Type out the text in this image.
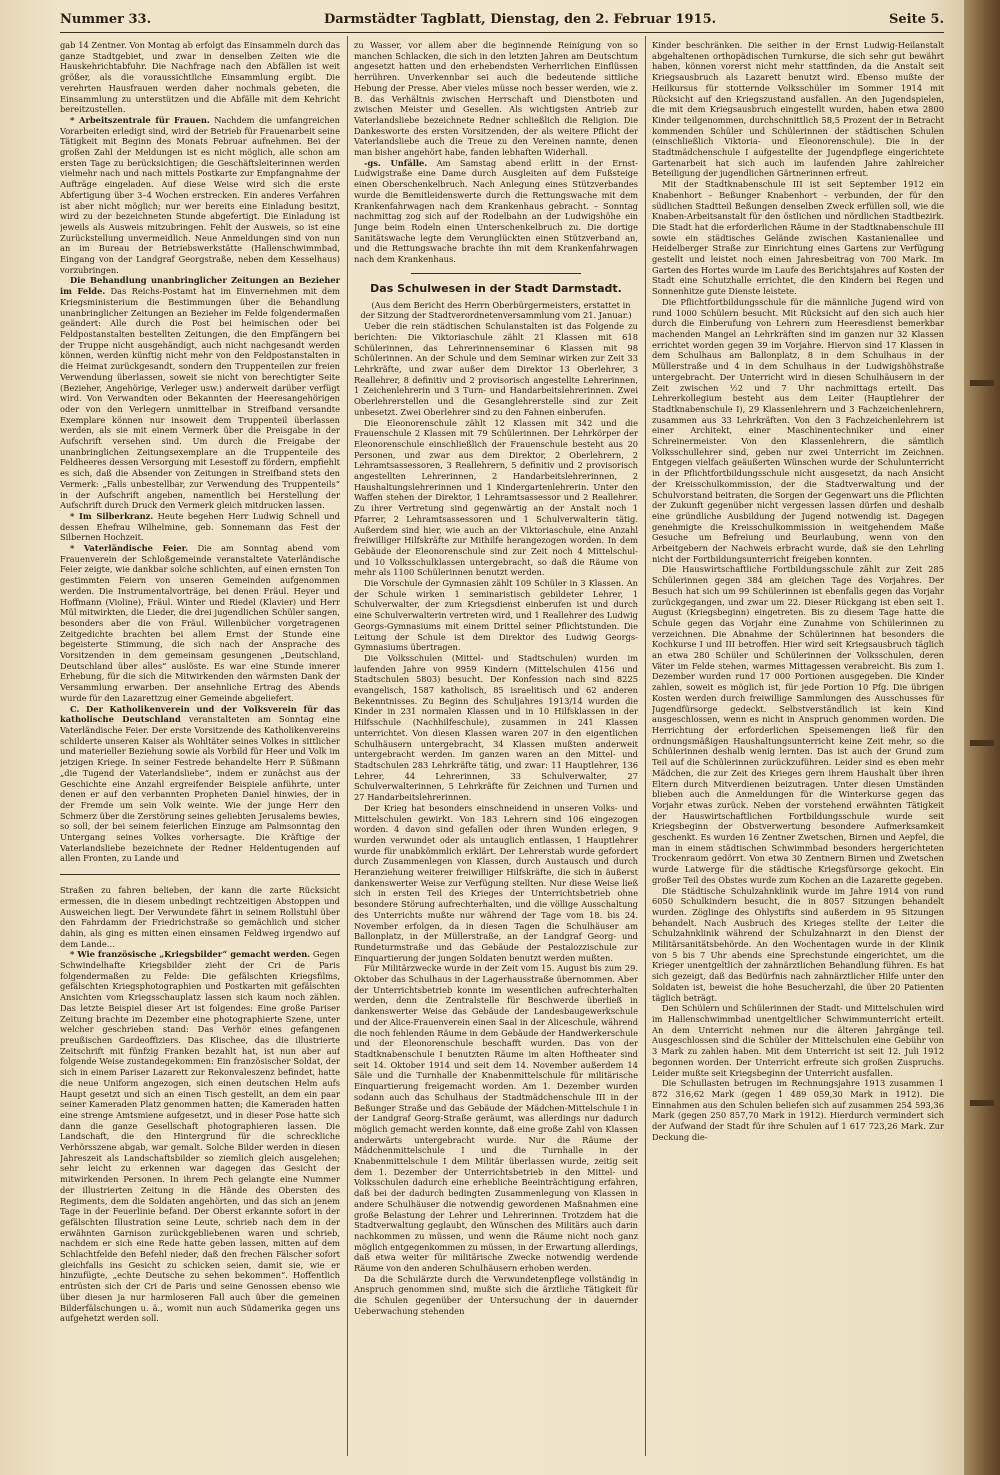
Nummer 33.	Darmstädter Tagblatt, Dienstag, den 2. Februar 1915.	Seite 5.

gab 14 Zentner. Von Montag ab erfolgt das Einsammeln durch das ganze Stadtgebiet, und zwar in denselben Zeiten wie die Hauskehrichtabfuhr. Die Nachfrage nach den Abfällen ist weit größer, als die voraussichtliche Einsammlung ergibt. Die verehrten Hausfrauen werden daher nochmals gebeten, die Einsammlung zu unterstützen und die Abfälle mit dem Kehricht bereitzustellen.

* Arbeitszentrale für Frauen. Nachdem die umfangreichen Vorarbeiten erledigt sind, wird der Betrieb für Frauenarbeit seine Tätigkeit mit Beginn des Monats Februar aufnehmen. Bei der großen Zahl der Meldungen ist es nicht möglich, alle schon am ersten Tage zu berücksichtigen; die Geschäftsleiterinnen werden vielmehr nach und nach mittels Postkarte zur Empfangnahme der Aufträge eingeladen. Auf diese Weise wird sich die erste Abfertigung über 3–4 Wochen erstrecken. Ein anderes Verfahren ist aber nicht möglich; nur wer bereits eine Einladung besitzt, wird zu der bezeichneten Stunde abgefertigt. Die Einladung ist jeweils als Ausweis mitzubringen. Fehlt der Ausweis, so ist eine Zurückstellung unvermeidlich. Neue Anmeldungen sind von nun an im Bureau der Betriebswerkstätte (Hallenschwimmbad, Eingang von der Landgraf Georgstraße, neben dem Kesselhaus) vorzubringen.

Die Behandlung unanbringlicher Zeitungen an Bezieher im Felde. Das Reichs-Postamt hat im Einvernehmen mit dem Kriegsministerium die Bestimmungen über die Behandlung unanbringlicher Zeitungen an Bezieher im Felde folgendermaßen geändert: Alle durch die Post bei heimischen oder bei Feldpostanstalten bestellten Zeitungen, die den Empfängern bei der Truppe nicht ausgehändigt, auch nicht nachgesandt werden können, werden künftig nicht mehr von den Feldpostanstalten in die Heimat zurückgesandt, sondern den Truppenteilen zur freien Verwendung überlassen, soweit sie nicht von berechtigter Seite (Bezieher, Angehörige, Verleger usw.) anderweit darüber verfügt wird. Von Verwandten oder Bekannten der Heeresangehörigen oder von den Verlegern unmittelbar in Streifband versandte Exemplare können nur insoweit dem Truppenteil überlassen werden, als sie mit einem Vermerk über die Preisgabe in der Aufschrift versehen sind. Um durch die Freigabe der unanbringlichen Zeitungsexemplare an die Truppenteile des Feldheeres dessen Versorgung mit Lesestoff zu fördern, empfiehlt es sich, daß die Absender von Zeitungen in Streifband stets den Vermerk: „Falls unbestellbar, zur Verwendung des Truppenteils“ in der Aufschrift angeben, namentlich bei Herstellung der Aufschrift durch Druck den Vermerk gleich mitdrucken lassen.

* Im Silberkranz. Heute begehen Herr Ludwig Schnell und dessen Ehefrau Wilhelmine, geb. Sonnemann das Fest der Silbernen Hochzeit.

* Vaterländische Feier. Die am Sonntag abend vom Frauenverein der Schloßgemeinde veranstaltete Vaterländische Feier zeigte, wie dankbar solche schlichten, auf einen ernsten Ton gestimmten Feiern von unseren Gemeinden aufgenommen werden. Die Instrumentalvorträge, bei denen Fräul. Heyer und Hoffmann (Violine), Fräul. Winter und Riedel (Klavier) und Herr Mül mitwirkten, die Lieder, die drei jugendlichen Schüler sangen, besonders aber die von Fräul. Willenbücher vorgetragenen Zeitgedichte brachten bei allem Ernst der Stunde eine begeisterte Stimmung, die sich nach der Ansprache des Vorsitzenden in dem gemeinsam gesungenen „Deutschland, Deutschland über alles“ auslöste. Es war eine Stunde innerer Erhebung, für die sich die Mitwirkenden den wärmsten Dank der Versammlung erwarben. Der ansehnliche Ertrag des Abends wurde für den Lazarettzug einer Gemeinde abgeliefert.

C. Der Katholikenverein und der Volksverein für das katholische Deutschland veranstalteten am Sonntag eine Vaterländische Feier. Der erste Vorsitzende des Katholikenvereins schilderte unseren Kaiser als Wohltäter seines Volkes in sittlicher und materieller Beziehung sowie als Vorbild für Heer und Volk im jetzigen Kriege. In seiner Festrede behandelte Herr P. Süßmann „die Tugend der Vaterlandsliebe“, indem er zunächst aus der Geschichte eine Anzahl ergreifender Beispiele anführte, unter denen er auf den verbannten Propheten Daniel hinwies, der in der Fremde um sein Volk weinte. Wie der junge Herr den Schmerz über die Zerstörung seines geliebten Jerusalems bewies, so soll, der bei seinem feierlichen Einzuge am Palmsonntag den Untergang seines Volkes vorhersagte. Die Kräftige der Vaterlandsliebe bezeichnete der Redner Heldentugenden auf allen Fronten, zu Lande und

Straßen zu fahren belieben, der kann die zarte Rücksicht ermessen, die in diesem unbedingt rechtzeitigen Abstoppen und Ausweichen liegt. Der Verwundete fährt in seinem Rollstuhl über den Fahrdamm der Friedrichstraße so gemächlich und sicher dahin, als ging es mitten einen einsamen Feldweg irgendwo auf dem Lande…

* Wie französische „Kriegsbilder“ gemacht werden. Gegen Schwindelhafte Kriegsbilder zieht der Cri de Paris folgendermaßen zu Felde: Die gefälschten Kriegsfilms, gefälschten Kriegsphotographien und Postkarten mit gefälschten Ansichten vom Kriegsschauplatz lassen sich kaum noch zählen. Das letzte Beispiel dieser Art ist folgendes: Eine große Pariser Zeitung brachte im Dezember eine photographierte Szene, unter welcher geschrieben stand: Das Verhör eines gefangenen preußischen Gardeoffiziers. Das Klischee, das die illustrierte Zeitschrift mit fünfzig Franken bezahlt hat, ist nun aber auf folgende Weise zustandegekommen: Ein französischer Soldat, der sich in einem Pariser Lazarett zur Rekonvaleszenz befindet, hatte die neue Uniform angezogen, sich einen deutschen Helm aufs Haupt gesetzt und sich an einen Tisch gestellt, an dem ein paar seiner Kameraden Platz genommen hatten; die Kameraden hatten eine strenge Amtsmiene aufgesetzt, und in dieser Pose hatte sich dann die ganze Gesellschaft photographieren lassen. Die Landschaft, die den Hintergrund für die schreckliche Verhörsszene abgab, war gemalt. Solche Bilder werden in diesen Jahreszeit als Landschaftsbilder so ziemlich gleich ausgelehen; sehr leicht zu erkennen war dagegen das Gesicht der mitwirkenden Personen. In ihrem Pech gelangte eine Nummer der illustrierten Zeitung in die Hände des Obersten des Regiments, dem die Soldaten angehörten, und das sich an jenem Tage in der Feuerlinie befand. Der Oberst erkannte sofort in der gefälschten Illustration seine Leute, schrieb nach dem in der erwähnten Garnison zurückgebliebenen waren und schrieb, nachdem er sich eine Rede hatte geben lassen, mitten auf dem Schlachtfelde den Befehl nieder, daß den frechen Fälscher sofort gleichfalls ins Gesicht zu schicken seien, damit sie, wie er hinzufügte, „echte Deutsche zu sehen bekommen“. Hoffentlich entrüsten sich der Cri de Paris und seine Genossen ebenso wie über diesen ja nur harmloseren Fall auch über die gemeinen Bilderfälschungen u. ä., womit nun auch Südamerika gegen uns aufgehetzt werden soll.

zu Wasser, vor allem aber die beginnende Reinigung von so manchen Schlacken, die sich in den letzten Jahren am Deutschtum angesetzt hatten und den erhebendsten Verherrlichen Einflüssen herrühren. Unverkennbar sei auch die bedeutende sittliche Hebung der Presse. Aber vieles müsse noch besser werden, wie z. B. das Verhältnis zwischen Herrschaft und Dienstboten und zwischen Meister und Gesellen. Als wichtigsten Antrieb zur Vaterlandsliebe bezeichnete Redner schließlich die Religion. Die Dankesworte des ersten Vorsitzenden, der als weitere Pflicht der Vaterlandsliebe auch die Treue zu den Vereinen nannte, denen man bisher angehört habe, fanden lebhaften Widerhall.

-gs. Unfälle. Am Samstag abend erlitt in der Ernst-Ludwigstraße eine Dame durch Ausgleiten auf dem Fußsteige einen Oberschenkelbruch. Nach Anlegung eines Stützverbandes wurde die Bemitleidenswerte durch die Rettungswache mit dem Krankenfahrwagen nach dem Krankenhaus gebracht. – Sonntag nachmittag zog sich auf der Rodelbahn an der Ludwigshöhe ein Junge beim Rodeln einen Unterschenkelbruch zu. Die dortige Sanitätswache legte dem Verunglückten einen Stützverband an, und die Rettungswache brachte ihn mit dem Krankenfahrwagen nach dem Krankenhaus.

Das Schulwesen in der Stadt Darmstadt.

(Aus dem Bericht des Herrn Oberbürgermeisters, erstattet in der Sitzung der Stadtverordnetenversammlung vom 21. Januar.)

Ueber die rein städtischen Schulanstalten ist das Folgende zu berichten: Die Viktoriaschule zählt 21 Klassen mit 618 Schülerinnen, das Lehrerinnenseminar 6 Klassen mit 98 Schülerinnen. An der Schule und dem Seminar wirken zur Zeit 33 Lehrkräfte, und zwar außer dem Direktor 13 Oberlehrer, 3 Reallehrer, 8 definitiv und 2 provisorisch angestellte Lehrerinnen, 1 Zeichenlehrerin und 3 Turn- und Handarbeitslehrerinnen. Zwei Oberlehrerstellen und die Gesanglehrerstelle sind zur Zeit unbesetzt. Zwei Oberlehrer sind zu den Fahnen einberufen.

Die Eleonorenschule zählt 12 Klassen mit 342 und die Frauenschule 2 Klassen mit 79 Schülerinnen. Der Lehrkörper der Eleonorenschule einschließlich der Frauenschule besteht aus 20 Personen, und zwar aus dem Direktor, 2 Oberlehrern, 2 Lehramtsassessoren, 3 Reallehrern, 5 definitiv und 2 provisorisch angestellten Lehrerinnen, 2 Handarbeitslehrerinnen, 2 Haushaltungslehrerinnen und 1 Kindergartenlehrerin. Unter den Waffen stehen der Direktor, 1 Lehramtsassessor und 2 Reallehrer. Zu ihrer Vertretung sind gegenwärtig an der Anstalt noch 1 Pfarrer, 2 Lehramtsassessoren und 1 Schulverwalterin tätig. Außerdem sind hier, wie auch an der Viktoriaschule, eine Anzahl freiwilliger Hilfskräfte zur Mithilfe herangezogen worden. In dem Gebäude der Eleonorenschule sind zur Zeit noch 4 Mittelschul- und 10 Volksschulklassen untergebracht, so daß die Räume von mehr als 1100 Schülerinnen benutzt werden.

Die Vorschule der Gymnasien zählt 109 Schüler in 3 Klassen. An der Schule wirken 1 seminaristisch gebildeter Lehrer, 1 Schulverwalter, der zum Kriegsdienst einberufen ist und durch eine Schulverwalterin vertreten wird, und 1 Reallehrer des Ludwig Georgs-Gymnasiums mit einem Drittel seiner Pflichtstunden. Die Leitung der Schule ist dem Direktor des Ludwig Georgs-Gymnasiums übertragen.

Die Volksschulen (Mittel- und Stadtschulen) wurden im laufenden Jahre von 9959 Kindern (Mittelschulen 4156 und Stadtschulen 5803) besucht. Der Konfession nach sind 8225 evangelisch, 1587 katholisch, 85 israelitisch und 62 anderen Bekenntnisses. Zu Beginn des Schuljahres 1913/14 wurden die Kinder in 231 normalen Klassen und in 10 Hilfsklassen in der Hilfsschule (Nachhilfeschule), zusammen in 241 Klassen unterrichtet. Von diesen Klassen waren 207 in den eigentlichen Schulhäusern untergebracht, 34 Klassen mußten anderweit untergebracht werden. Im ganzen waren an den Mittel- und Stadtschulen 283 Lehrkräfte tätig, und zwar: 11 Hauptlehrer, 136 Lehrer, 44 Lehrerinnen, 33 Schulverwalter, 27 Schulverwalterinnen, 5 Lehrkräfte für Zeichnen und Turnen und 27 Handarbeitslehrerinnen.

Der Krieg hat besonders einschneidend in unseren Volks- und Mittelschulen gewirkt. Von 183 Lehrern sind 106 eingezogen worden. 4 davon sind gefallen oder ihren Wunden erlegen, 9 wurden verwundet oder als untauglich entlassen, 1 Hauptlehrer wurde für unabkömmlich erklärt. Der Lehrerstab wurde gefordert durch Zusammenlegen von Klassen, durch Austausch und durch Heranziehung weiterer freiwilliger Hilfskräfte, die sich in äußerst dankenswerter Weise zur Verfügung stellten. Nur diese Weise ließ sich in ersten Teil des Krieges der Unterrichtsbetrieb ohne besondere Störung aufrechterhalten, und die völlige Ausschaltung des Unterrichts mußte nur während der Tage vom 18. bis 24. November erfolgen, da in diesen Tagen die Schulhäuser am Ballonplatz, in der Müllerstraße, an der Landgraf Georg- und Rundeturmstraße und das Gebäude der Pestalozzischule zur Einquartierung der jungen Soldaten benutzt werden mußten.

Für Militärzwecke wurde in der Zeit vom 15. August bis zum 29. Oktober das Schulhaus in der Lagerhausstraße übernommen. Aber der Unterrichtsbetrieb konnte im wesentlichen aufrechterhalten werden, denn die Zentralstelle für Beschwerde überließ in dankenswerter Weise das Gebäude der Landesbaugewerkschule und der Alice-Frauenverein einen Saal in der Aliceschule, während die noch fehlenden Räume in dem Gebäude der Handwerkerschule und der Eleonorenschule beschafft wurden. Das von der Stadtknabenschule I benutzten Räume im alten Hoftheater sind seit 14. Oktober 1914 und seit dem 14. November außerdem 14 Säle und die Turnhalle der Knabenmittelschule für militärische Einquartierung freigemacht worden. Am 1. Dezember wurden sodann auch das Schulhaus der Stadtmädchenschule III in der Beßunger Straße und das Gebäude der Mädchen-Mittelschule I in der Landgraf Georg-Straße geräumt, was allerdings nur dadurch möglich gemacht werden konnte, daß eine große Zahl von Klassen anderwärts untergebracht wurde. Nur die Räume der Mädchenmittelschule I und die Turnhalle in der Knabenmittelschule I dem Militär überlassen wurde, zeitig seit dem 1. Dezember der Unterrichtsbetrieb in den Mittel- und Volksschulen dadurch eine erhebliche Beeinträchtigung erfahren, daß bei der dadurch bedingten Zusammenlegung von Klassen in andere Schulhäuser die notwendig gewordenen Maßnahmen eine große Belastung der Lehrer und Lehrerinnen. Trotzdem hat die Stadtverwaltung geglaubt, den Wünschen des Militärs auch darin nachkommen zu müssen, und wenn die Räume nicht noch ganz möglich entgegenkommen zu müssen, in der Erwartung allerdings, daß etwa weiter für militärische Zwecke notwendig werdende Räume von den anderen Schulhäusern erhoben werden.

Da die Schulärzte durch die Verwundetenpflege vollständig in Anspruch genommen sind, mußte sich die ärztliche Tätigkeit für die Schulen gegenüber der Untersuchung der in dauernder Ueberwachung stehenden

Kinder beschränken. Die seither in der Ernst Ludwig-Heilanstalt abgehaltenen orthopädischen Turnkurse, die sich sehr gut bewährt haben, können vorerst nicht mehr stattfinden, da die Anstalt seit Kriegsausbruch als Lazarett benutzt wird. Ebenso mußte der Heilkursus für stotternde Volksschüler im Sommer 1914 mit Rücksicht auf den Kriegszustand ausfallen. An den Jugendspielen, die mit dem Kriegsausbruch eingestellt wurden, haben etwa 2800 Kinder teilgenommen, durchschnittlich 58,5 Prozent der in Betracht kommenden Schüler und Schülerinnen der städtischen Schulen (einschließlich Viktoria- und Eleonorenschule). Die in der Stadtmädchenschule I aufgestellte der Jugendpflege eingerichtete Gartenarbeit hat sich auch im laufenden Jahre zahlreicher Beteiligung der jugendlichen Gärtnerinnen erfreut.

Mit der Stadtknabenschule III ist seit September 1912 ein Knabenhort – Beßunger Knabenhort – verbunden, der für den südlichen Stadtteil Beßungen denselben Zweck erfüllen soll, wie die Knaben-Arbeitsanstalt für den östlichen und nördlichen Stadtbezirk. Die Stadt hat die erforderlichen Räume in der Stadtknabenschule III sowie ein städtisches Gelände zwischen Kastanienallee und Heidelberger Straße zur Einrichtung eines Gartens zur Verfügung gestellt und leistet noch einen Jahresbeitrag von 700 Mark. Im Garten des Hortes wurde im Laufe des Berichtsjahres auf Kosten der Stadt eine Schutzhalle errichtet, die den Kindern bei Regen und Sonnenhitze gute Dienste leistete.

Die Pflichtfortbildungsschule für die männliche Jugend wird von rund 1000 Schülern besucht. Mit Rücksicht auf den sich auch hier durch die Einberufung von Lehrern zum Heeresdienst bemerkbar machenden Mangel an Lehrkräften sind im ganzen nur 32 Klassen errichtet worden gegen 39 im Vorjahre. Hiervon sind 17 Klassen in dem Schulhaus am Ballonplatz, 8 in dem Schulhaus in der Müllerstraße und 4 in dem Schulhaus in der Ludwigshöhstraße untergebracht. Der Unterricht wird in diesen Schulhäusern in der Zeit zwischen ½2 und 7 Uhr nachmittags erteilt. Das Lehrerkollegium besteht aus dem Leiter (Hauptlehrer der Stadtknabenschule I), 29 Klassenlehrern und 3 Fachzeichenlehrern, zusammen aus 33 Lehrkräften. Von den 3 Fachzeichenlehrern ist einer Architekt, einer Maschinentechniker und einer Schreinermeister. Von den Klassenlehrern, die sämtlich Volksschullehrer sind, geben nur zwei Unterricht im Zeichnen. Entgegen vielfach geäußerten Wünschen wurde der Schulunterricht in der Pflichtfortbildungsschule nicht ausgesetzt, da nach Ansicht der Kreisschulkommission, der die Stadtverwaltung und der Schulvorstand beitraten, die Sorgen der Gegenwart uns die Pflichten der Zukunft gegenüber nicht vergessen lassen dürfen und deshalb eine gründliche Ausbildung der Jugend notwendig ist. Dagegen genehmigte die Kreisschulkommission in weitgehendem Maße Gesuche um Befreiung und Beurlaubung, wenn von den Arbeitgebern der Nachweis erbracht wurde, daß sie den Lehrling nicht der Fortbildungsunterricht freigeben konnten.

Die Hauswirtschaftliche Fortbildungsschule zählt zur Zeit 285 Schülerinnen gegen 384 am gleichen Tage des Vorjahres. Der Besuch hat sich um 99 Schülerinnen ist ebenfalls gegen das Vorjahr zurückgegangen, und zwar um 22. Dieser Rückgang ist eben seit 1. August (Kriegsbeginn) eingetreten. Bis zu diesem Tage hatte die Schule gegen das Vorjahr eine Zunahme von Schülerinnen zu verzeichnen. Die Abnahme der Schülerinnen hat besonders die Kochkurse I und III betroffen. Hier wird seit Kriegsausbruch täglich an etwa 280 Schüler und Schülerinnen der Volksschulen, deren Väter im Felde stehen, warmes Mittagessen verabreicht. Bis zum 1. Dezember wurden rund 17 000 Portionen ausgegeben. Die Kinder zahlen, soweit es möglich ist, für jede Portion 10 Pfg. Die übrigen Kosten werden durch freiwillige Sammlungen des Ausschusses für Jugendfürsorge gedeckt. Selbstverständlich ist kein Kind ausgeschlossen, wenn es nicht in Anspruch genommen worden. Die Herrichtung der erforderlichen Speisemengen ließ für den ordnungsmäßigen Haushaltungsunterricht keine Zeit mehr, so die Schülerinnen deshalb wenig lernten. Das ist auch der Grund zum Teil auf die Schülerinnen zurückzuführen. Leider sind es eben mehr Mädchen, die zur Zeit des Krieges gern ihrem Haushalt über ihren Eltern durch Mitverdienen beizutragen. Unter diesen Umständen blieben auch die Anmeldungen für die Winterkurse gegen das Vorjahr etwas zurück. Neben der vorstehend erwähnten Tätigkeit der Hauswirtschaftlichen Fortbildungsschule wurde seit Kriegsbeginn der Obstverwertung besondere Aufmerksamkeit geschenkt. Es wurden 16 Zentner Zwetschen, Birnen und Aepfel, die man in einem städtischen Schwimmbad besonders hergerichteten Trockenraum gedörrt. Von etwa 30 Zentnern Birnen und Zwetschen wurde Latwerge für die städtische Kriegsfürsorge gekocht. Ein großer Teil des Obstes wurde zum Kochen an die Lazarette gegeben.

Die Städtische Schulzahnklinik wurde im Jahre 1914 von rund 6050 Schulkindern besucht, die in 8057 Sitzungen behandelt wurden. Zöglinge des Ohlystifts sind außerdem in 95 Sitzungen behandelt. Nach Ausbruch des Krieges stellte der Leiter die Schulzahnklinik während der Schulzahnarzt in den Dienst der Militärsanitätsbehörde. An den Wochentagen wurde in der Klinik von 5 bis 7 Uhr abends eine Sprechstunde eingerichtet, um die Krieger unentgeltlich der zahnärztlichen Behandlung führen. Es hat sich gezeigt, daß das Bedürfnis nach zahnärztlicher Hilfe unter den Soldaten ist, beweist die hohe Besucherzahl, die über 20 Patienten täglich beträgt.

Den Schülern und Schülerinnen der Stadt- und Mittelschulen wird im Hallenschwimmbad unentgeltlicher Schwimmunterricht erteilt. An dem Unterricht nehmen nur die älteren Jahrgänge teil. Ausgeschlossen sind die Schüler der Mittelschulen eine Gebühr von 3 Mark zu zahlen haben. Mit dem Unterricht ist seit 12. Juli 1912 begonnen worden. Der Unterricht erfreute sich großen Zuspruchs. Leider mußte seit Kriegsbeginn der Unterricht ausfallen.

Die Schullasten betrugen im Rechnungsjahre 1913 zusammen 1 872 316,62 Mark (gegen 1 489 059,30 Mark in 1912). Die Einnahmen aus den Schulen beliefen sich auf zusammen 254 593,36 Mark (gegen 250 857,70 Mark in 1912). Hierdurch vermindert sich der Aufwand der Stadt für ihre Schulen auf 1 617 723,26 Mark. Zur Deckung die-
